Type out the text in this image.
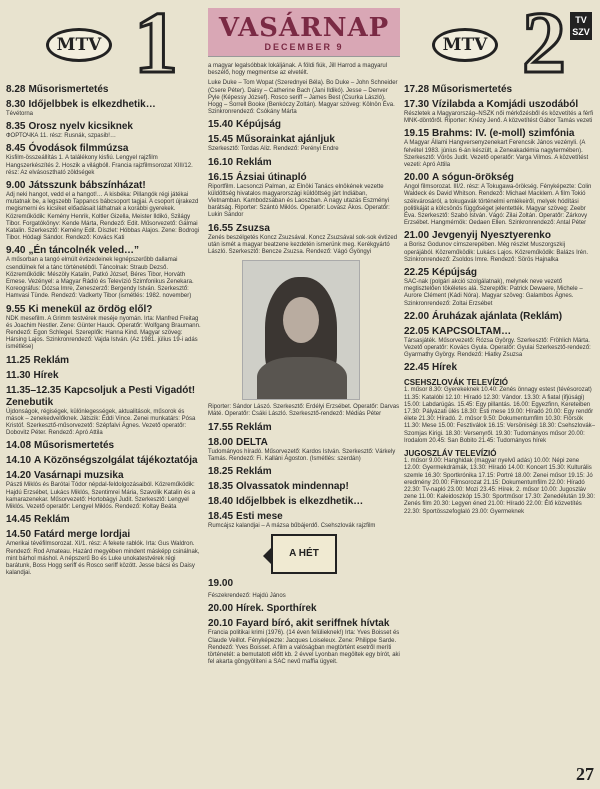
MTV 1
8.28 Műsorismertetés
8.30 Időjelbbek is elkezdhetik…
Tévétorna
8.35 Orosz nyelv kicsiknek
ФОРТОЧКА 11. rész: Rusnák, szpasib!…
8.45 Óvodások filmmúzsa
Kisfilm-összeállítás 1. A találékony kisfiú. Lengyel rajzfilm Hangszerkészítés 2. Hoszik a világbóll. Francia rajzfilmsorozat XIII/12. rész: Az elvásosztható zöldségek
9.00 Játsszunk bábszínházat!
Adj neki hangot, vedd el a hangot!… A kisbéka: Pillangók régi játékai mutatnak be, a legszebb Tappancs bábcsoport tagjai. A csoport újrakezd megismerni és kicsiket előadásait láthatnak a korábbi gyerekek. Közreműködik: Kemény Henrik, Koltler Gizella, Meister Ildikó, Szilágy Tibor. Forgatókönyv: Kende Márta, Rendező: Edit. Műsorvezető: Gálmai Katalin. Szerkesztő: Kemény Edit. Díszlet: Hóbbas Alajos. Zene: Bodrogi Tibor. Hódagi Sándor. Rendező: Kovács Kati
9.40 „Én táncolnék veled…”
A műsorban a tangó elmúlt évtizedeinek legnépszerűbb dallamai csendülnek fel a tánc történetéből. Táncolnak: Straub Dezső. Közreműködik: Mészöly Katalin, Patkó József, Béres Tibor, Horváth Emese. Vezényel: a Magyar Rádió és Televízió Szimfonikus Zenekara. Koreográfus: Dózsa Imre, Zeneszerző: Bergendy István. Szerkesztő: Hamvasi Tünde. Rendező: Vadkerty Tibor (ismétlés: 1982. november)
9.55 Ki menekül az ördög elől?
NDK mesefilm. A Grimm testvérek meséje nyomán. Irta: Manfred Freitag és Joachim Nestler. Zene: Günter Hauck. Operatőr: Wolfgang Braumann. Rendező: Egon Schlegel. Szereplők: Hanna Kind. Magyar szöveg: Hársing Lajos. Szinkronrendező: Vajda István. (Az 1981. július 19-i adás ismétlése)
11.25 Reklám
11.30 Hírek
11.35–12.35 Kapcsoljuk a Pesti Vigadót! Zenebutik
Újdonságok, régiségek, különlegességek, aktualitások, műsorok és mások – zenekedvelőknek. Játszik: Éddi Vince. Zenei munkatárs: Pósa Kristóf. Szerkesztő-műsorvezető: Szépfalvi Ágnes. Vezető operatőr: Dobovitz Péter. Rendező: Apró Attila
14.08 Műsorismertetés
14.10 A Közönségszolgálat tájékoztatója
14.20 Vasárnapi muzsika
Pászti Miklós és Barótai Tódor népdal-feldolgozásaiból. Közreműködik: Hajdú Erzsébet, Lukács Miklós, Szentimrei Mária, Szavolik Katalin és a kamarazenekar. Műsorvezető: Hortobágyi Judit. Szerkesztő: Lengyel Miklós. Vezető operatőr: Lengyel Miklós. Rendező: Koltay Beáta
14.45 Reklám
14.50 Fatárd merge lordjai
Amerikai tévéfilmsorozat. XI/1. rész: A fekete rablók. Irta: Gus Waldron. Rendező: Rod Amateau. Hazárd megyében mindent másképp csinálnak, mint bárhol máshol. A népszerű Bo és Luke unokatestvérek régi barátunk, Boss Hogg seriff és Rosco seriff között. Jesse bácsi és Daisy kalandjai.
VASÁRNAP
DECEMBER 9
a magyar legalsóbbak lokáljának. A földi fiúk, Jill Harrod a magyarul beszélő, hogy megmentse az elvetélt.
Luke Duke – Tom Wopat (Szerednyei Béla). Bo Duke – John Schneider (Csere Péter). Daisy – Catherine Bach (Jani Ildikó). Jesse – Denver Pyle (Képessy József). Rosco seriff – James Best (Csurka László). Hogg – Sorrell Booke (Benkóczy Zoltán). Magyar szöveg: Kölnön Éva. Szinkronrendező: Csókány Márta
15.40 Képújság
15.45 Műsorainkat ajánljuk
Szerkesztő: Tordas Aliz. Rendező: Perényi Endre
16.10 Reklám
16.15 Ázsiai útinapló
Riportfilm. Lacsonczi Palman, az Elnöki Tanács elnökének vezette küldöttség hivatalos magyarországi küldöttség járt Indiában, Vietnamban. Kambodzsában és Laoszban. A nagy utazás Eszményi barátság. Riporter: Szántó Miklós. Operatőr: Lovász Ákos. Operatőr: Lukin Sándor
16.55 Zsuzsa
Zenés beszélgetés Koncz Zsuzsával. Koncz Zsuzsával sok-sok évtized után ismét a magyar beatzene kezdetén ismerünk meg. Kerékgyártó László. Szerkesztő: Bencze Zsuzsa. Rendező: Vágó Gyöngyi
Riporter: Sándor Lászó. Szerkesztő: Erdélyi Erzsébet. Operatőr: Darvas Máté. Operatőr: Csáki László. Szerkesztő-rendező: Médiás Péter
17.55 Reklám
18.00 DELTA
Tudományos híradó. Műsorvezető: Kardos István. Szerkesztő: Várkely Tamás. Rendező: Fi. Kalláni Ágoston. (Ismétlés: szerdán)
18.25 Reklám
18.35 Olvassatok mindennap!
18.40 Időjelbbek is elkezdhetik…
18.45 Esti mese
Rumcájsz kalandjai – A mázsa bűbájerdő. Csehszlovák rajzfilm
A HÉT
19.00
Fészekrendező: Hajdú János
20.00 Hírek. Sporthírek
20.10 Fayard bíró, akit seriffnek hívtak
Francia politikai krimi (1976). (14 éven felülieknek!) Irta: Yves Boisset és Claude Veillot. Fényképezte: Jacques Loiseleux. Zene: Philippe Sarde. Rendező: Yves Boisset. A film a valóságban megtörtént esetről meríti történetét: a bemutatott előtt kb. 2 évvel Lyonban megöltek egy bírót, aki fel akarta göngyölíteni a SAC nevű maffia ügyeit.
MTV 2	TV SZV
17.28 Műsorismertetés
17.30 Vízilabda a Komjádi uszodából
Részletek a Magyarország–NSZK női mérkőzésből és közvetítés a férfi MNK-döntőről. Riporter: Knézy Jenő. A közvetítést Gábor Tamás vezeti
19.15 Brahms: IV. (e-moll) szimfónia
A Magyar Állami Hangversenyzenekart Ferencsik János vezényli. (A felvétel 1983. június 6-án készült, a Zeneakadémia nagytermében). Szerkesztő: Vörös Judit. Vezető operatőr: Varga Vilmos. A közvetítést vezeti: Apró Attila
20.00 A sógun-örökség
Angol filmsorozat. III/2. rész: A Tokugawa-örökség. Fényképezte: Colin Waldeck és David Whitson. Rendező: Michael Macklem. A film Tokió székvárosáról, a tokugavák történelmi emlékeiről, melyek hódítási politikáját a kölcsönös függőséget jelentették. Magyar szöveg: Zeebr Éva. Szerkesztő: Szabó István. Vágó: Zilai Zoltán. Operatőr: Zárkovy Erzsébet. Hangmérnök: Oedaen Ellen. Szinkronrendező: Antal Péter
21.00 Jevgenyij Nyesztyerenko
a Borisz Godunov címszerepében. Még részlet Muszorgszkij operájából. Közreműködik: Lukács Lajos. Közreműködik: Balázs Irén. Szinkronrendező: Zsoldos Imre. Rendező: Sörös Hajnalka
22.25 Képújság
SAC-nak (polgári akció szolgálatnak), melynek neve vezető megtisztelően tökéletes alá. Szereplők: Patrick Dewaere, Michele – Aurore Clément (Kádi Nóra). Magyar szöveg: Galambos Ágnes. Szinkronrendező: Zoltai Erzsébet
22.00 Áruházak ajánlata (Reklám)
22.05 KAPCSOLTAM…
Társasjáték. Műsorvezető: Rózsa György. Szerkesztő: Fröhlich Márta. Vezető operatőr: Kovács Gyula. Operatőr: Gyulai Szerkesztő-rendező: Gyarmathy György. Rendező: Hiatky Zsuzsa
22.45 Hírek
CSEHSZLOVÁK TELEVÍZIÓ
1. műsor 8.30: Gyerekeknek 10.40: Zenés önnagy estest (tévésorozat) 11.35: Katalóbi 12.10: Híradó 12.30: Vándor. 13.30: A fiatal (ifjúsági) 15.00: Labdarúgás. 15.45: Egy pillantás. 16.00: Egyezfinn, Kereteiben 17.30: Pályázati ülés 18.30: Esti mese 19.00: Híradó 20.00: Egy rendőr élete 21.30: Híradó. 2. műsor 9.50: Dokumentumfilm 10.30: Flörsök 11.30: Mese 15.00: Fesztiválok 16.15: Versöniségi 18.30: Csehszlovák–Szomjas Kirigi. 18.30: Versenyről. 19.30: Tudományos műsor 20.00: Irodalom 20.45: San Bobito 21.45: Tudományos hírek
JUGOSZLÁV TELEVÍZIÓ
1. műsor 9.00: Hanghidak (magyar nyelvű adás) 10.00: Népi zene 12.00: Gyermekdrámák, 13.30: Híradó 14.00: Koncert 15.30: Kulturális szemle 16.30: Sportkrónika 17.15: Portré 18.00: Zenei műsor 19.15: Jó eredmény 20.00: Filmsorozat 21.15: Dokumentumfilm 22.00: Híradó 22.30: Tv-napló 23.00: Mozi 23.45: Hírek. 2. műsor 10.00: Jugoszláv zene 11.00: Kaleidoszkóp 15.30: Sportműsor 17.30: Zenedélután 19.30: Zenés film 20.30: Legyen éned 21.00: Híradó 22.00: Élő közvetítés 22.30: Sportösszefoglaló 23.00: Gyermeknek
27
